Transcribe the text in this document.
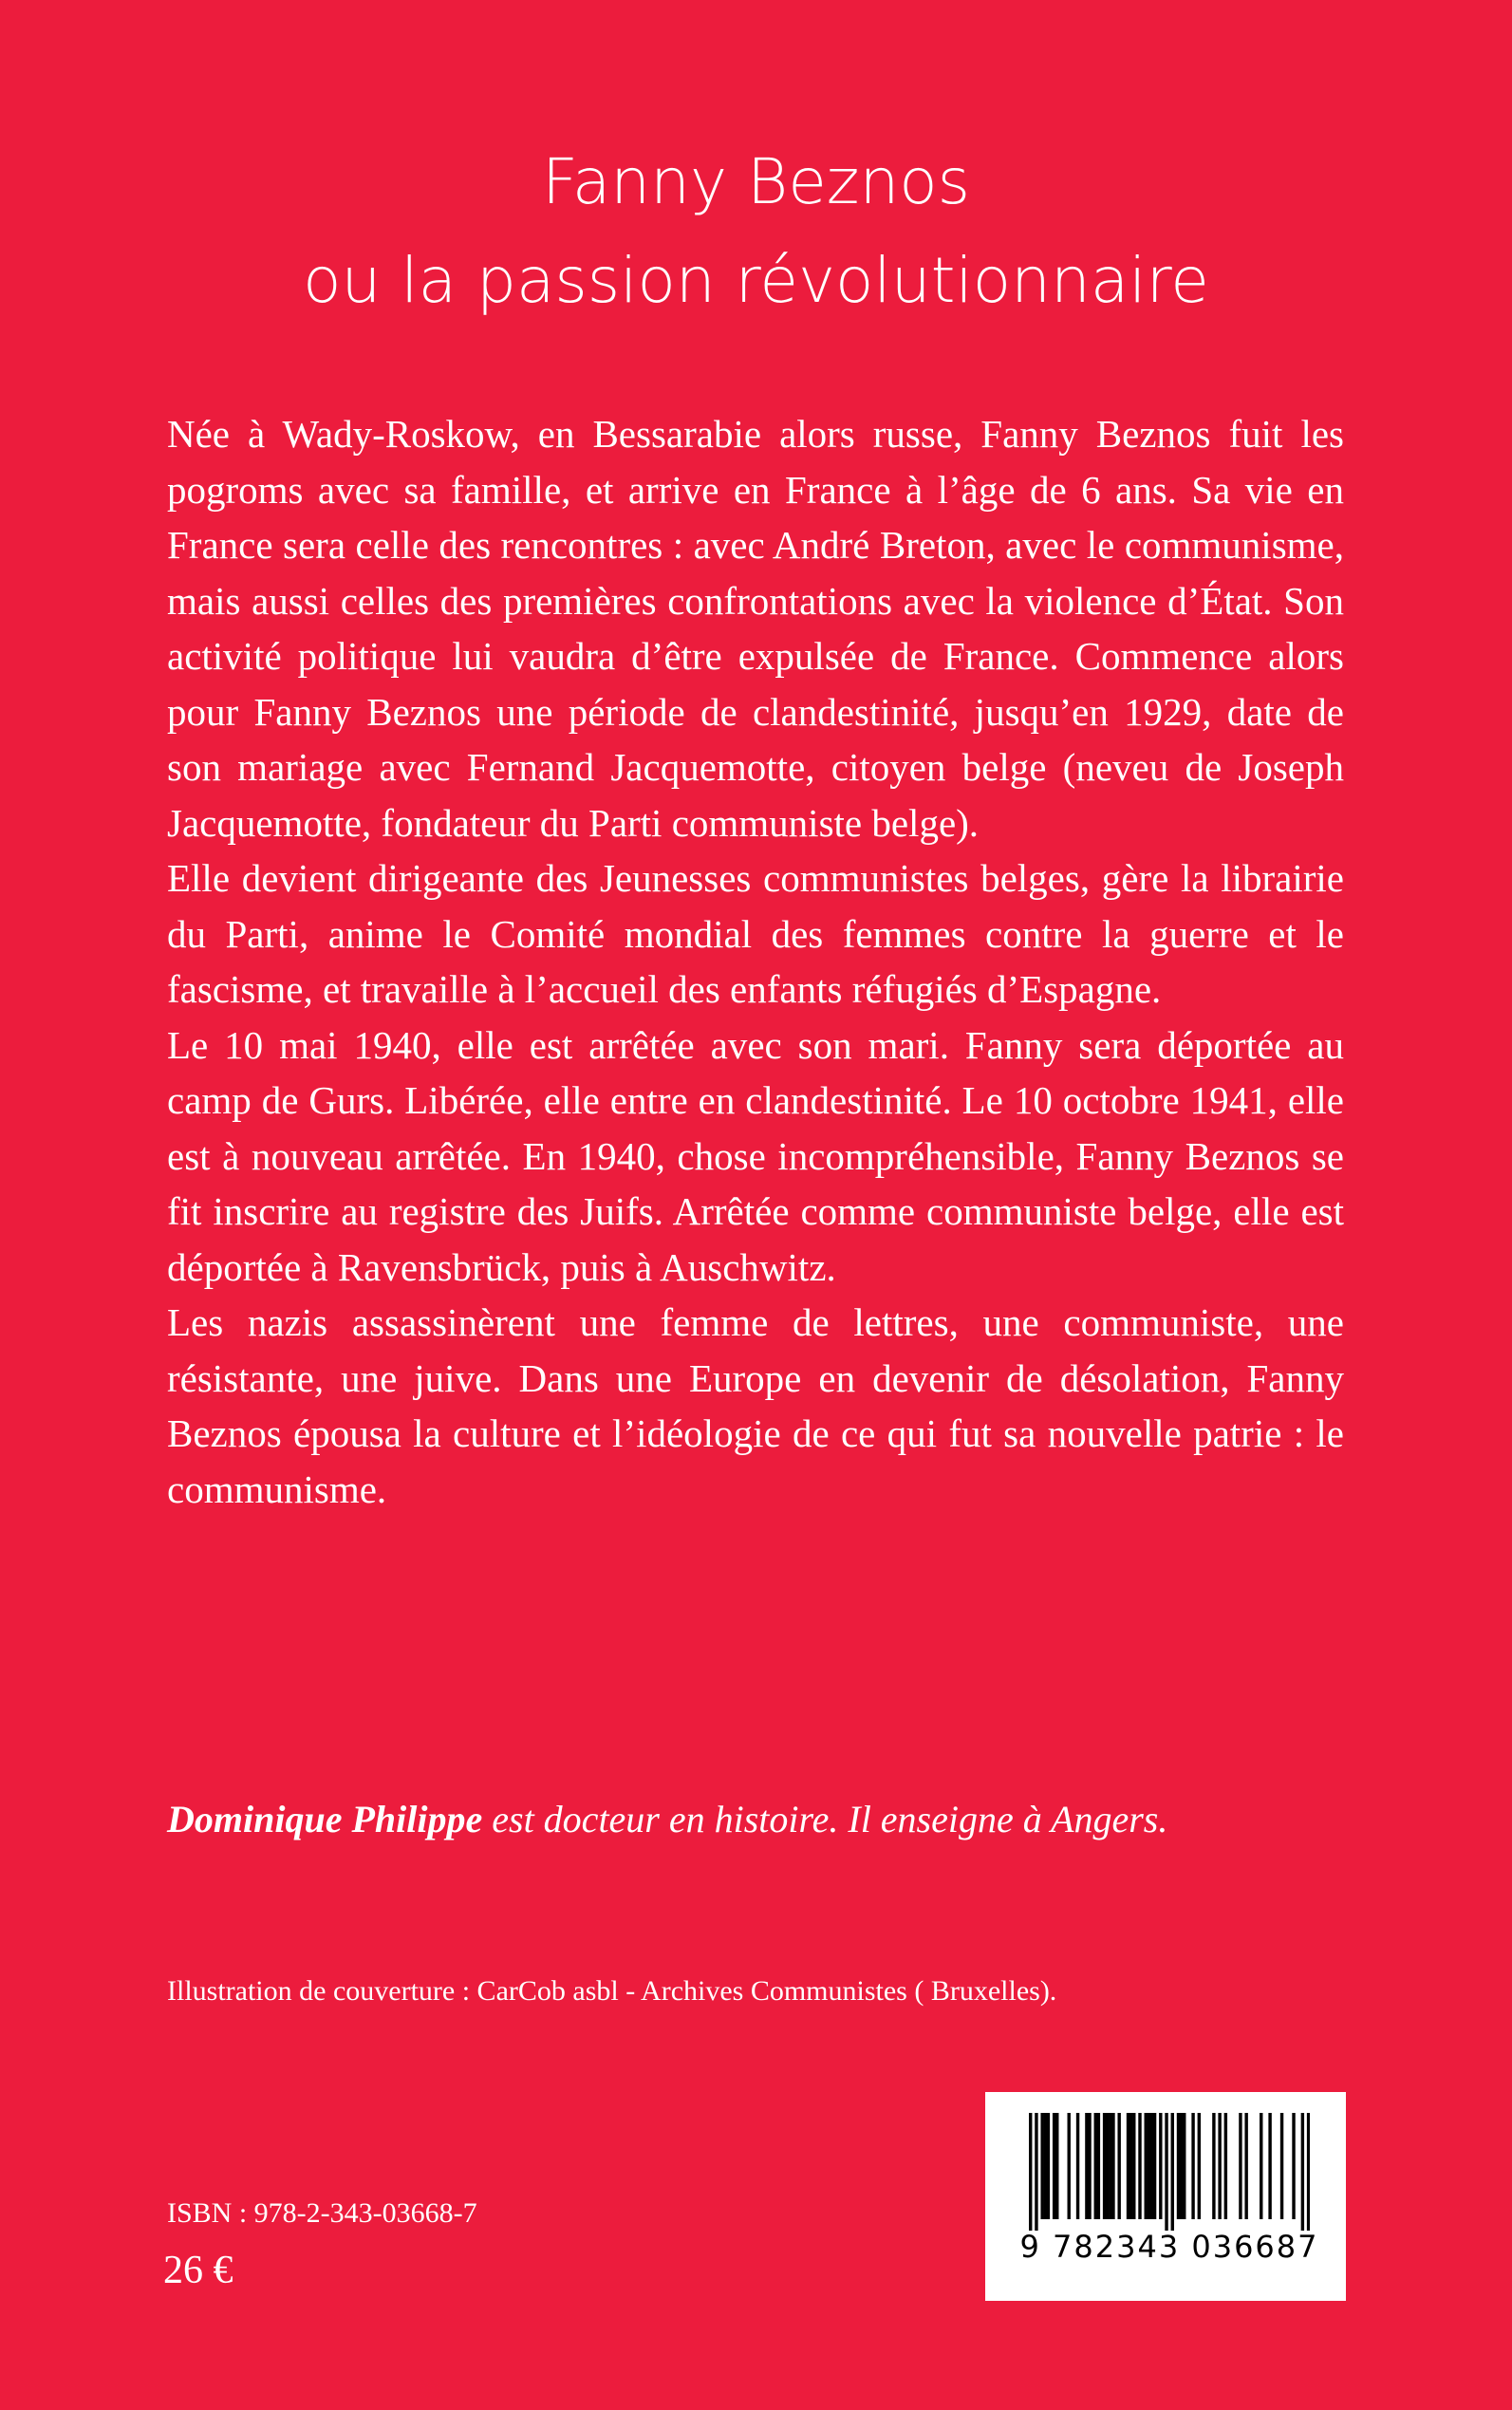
Fanny Beznos
ou la passion révolutionnaire

Née à Wady-Roskow, en Bessarabie alors russe, Fanny Beznos fuit les pogroms avec sa famille, et arrive en France à l’âge de 6 ans. Sa vie en France sera celle des rencontres : avec André Breton, avec le communisme, mais aussi celles des premières confrontations avec la violence d’État. Son activité politique lui vaudra d’être expulsée de France. Commence alors pour Fanny Beznos une période de clandestinité, jusqu’en 1929, date de son mariage avec Fernand Jacquemotte, citoyen belge (neveu de Joseph Jacquemotte, fondateur du Parti communiste belge).

Elle devient dirigeante des Jeunesses communistes belges, gère la librairie du Parti, anime le Comité mondial des femmes contre la guerre et le fascisme, et travaille à l’accueil des enfants réfugiés d’Espagne.

Le 10 mai 1940, elle est arrêtée avec son mari. Fanny sera déportée au camp de Gurs. Libérée, elle entre en clandestinité. Le 10 octobre 1941, elle est à nouveau arrêtée. En 1940, chose incompréhensible, Fanny Beznos se fit inscrire au registre des Juifs. Arrêtée comme communiste belge, elle est déportée à Ravensbrück, puis à Auschwitz.

Les nazis assassinèrent une femme de lettres, une communiste, une résistante, une juive. Dans une Europe en devenir de désolation, Fanny Beznos épousa la culture et l’idéologie de ce qui fut sa nouvelle patrie : le communisme.

Dominique Philippe est docteur en histoire. Il enseigne à Angers.
Illustration de couverture : CarCob asbl - Archives Communistes ( Bruxelles).
ISBN : 978-2-343-03668-7
26 €
9 782343 036687
